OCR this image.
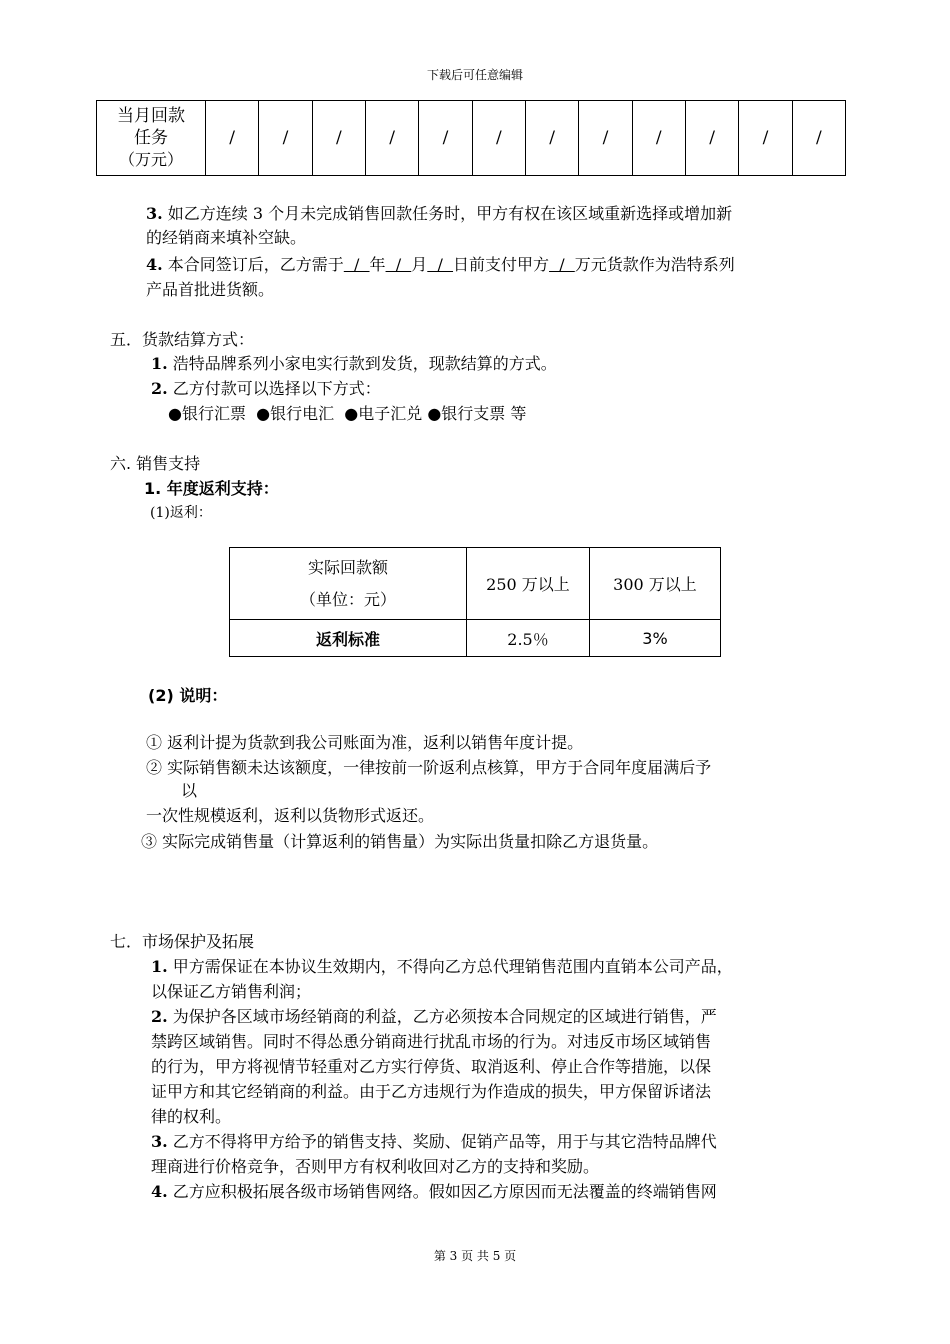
下载后可任意编辑
当月回款
任务
（万元）
	/	/	/	/	/	/	/	/	/	/	/	/
3. 如乙方连续 3 个月未完成销售回款任务时，甲方有权在该区域重新选择或增加新
的经销商来填补空缺。
4. 本合同签订后，乙方需于  /  年  /  月  /  日前支付甲方  /  万元货款作为浩特系列
产品首批进货额。
五．货款结算方式：
1. 浩特品牌系列小家电实行款到发货，现款结算的方式。
2. 乙方付款可以选择以下方式：
●银行汇票  ●银行电汇  ●电子汇兑 ●银行支票 等
六. 销售支持
1. 年度返利支持：
(1)返利：
实际回款额
（单位：元）	250 万以上	300 万以上
返利标准	2.5％	3%
(2) 说明：
① 返利计提为货款到我公司账面为准，返利以销售年度计提。
② 实际销售额未达该额度，一律按前一阶返利点核算，甲方于合同年度届满后予
以
一次性规模返利，返利以货物形式返还。
③ 实际完成销售量（计算返利的销售量）为实际出货量扣除乙方退货量。
七．市场保护及拓展
1. 甲方需保证在本协议生效期内，不得向乙方总代理销售范围内直销本公司产品，
以保证乙方销售利润；
2. 为保护各区域市场经销商的利益，乙方必须按本合同规定的区域进行销售，严
禁跨区域销售。同时不得怂恿分销商进行扰乱市场的行为。对违反市场区域销售
的行为，甲方将视情节轻重对乙方实行停货、取消返利、停止合作等措施，以保
证甲方和其它经销商的利益。由于乙方违规行为作造成的损失，甲方保留诉诸法
律的权利。
3. 乙方不得将甲方给予的销售支持、奖励、促销产品等，用于与其它浩特品牌代
理商进行价格竞争，否则甲方有权利收回对乙方的支持和奖励。
4. 乙方应积极拓展各级市场销售网络。假如因乙方原因而无法覆盖的终端销售网
第 3 页 共 5 页
